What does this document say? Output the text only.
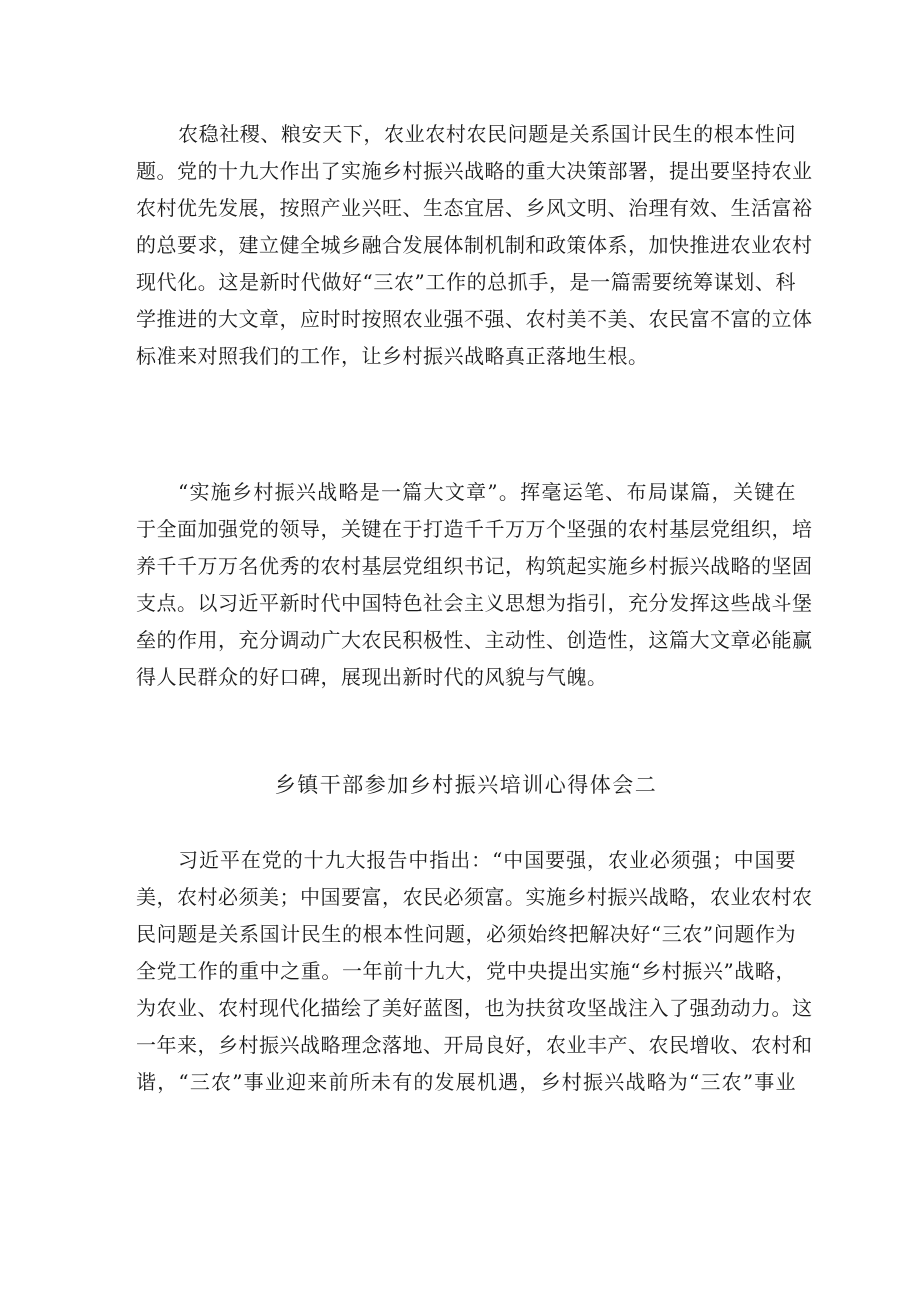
农稳社稷、粮安天下，农业农村农民问题是关系国计民生的根本性问
题。党的十九大作出了实施乡村振兴战略的重大决策部署，提出要坚持农业
农村优先发展，按照产业兴旺、生态宜居、乡风文明、治理有效、生活富裕
的总要求，建立健全城乡融合发展体制机制和政策体系，加快推进农业农村
现代化。这是新时代做好“三农”工作的总抓手，是一篇需要统筹谋划、科
学推进的大文章，应时时按照农业强不强、农村美不美、农民富不富的立体
标准来对照我们的工作，让乡村振兴战略真正落地生根。
“实施乡村振兴战略是一篇大文章”。挥毫运笔、布局谋篇，关键在
于全面加强党的领导，关键在于打造千千万万个坚强的农村基层党组织，培
养千千万万名优秀的农村基层党组织书记，构筑起实施乡村振兴战略的坚固
支点。以习近平新时代中国特色社会主义思想为指引，充分发挥这些战斗堡
垒的作用，充分调动广大农民积极性、主动性、创造性，这篇大文章必能赢
得人民群众的好口碑，展现出新时代的风貌与气魄。
乡镇干部参加乡村振兴培训心得体会二
习近平在党的十九大报告中指出：“中国要强，农业必须强；中国要
美，农村必须美；中国要富，农民必须富。实施乡村振兴战略，农业农村农
民问题是关系国计民生的根本性问题，必须始终把解决好“三农”问题作为
全党工作的重中之重。一年前十九大，党中央提出实施“乡村振兴”战略，
为农业、农村现代化描绘了美好蓝图，也为扶贫攻坚战注入了强劲动力。这
一年来，乡村振兴战略理念落地、开局良好，农业丰产、农民增收、农村和
谐，“三农”事业迎来前所未有的发展机遇，乡村振兴战略为“三农”事业
